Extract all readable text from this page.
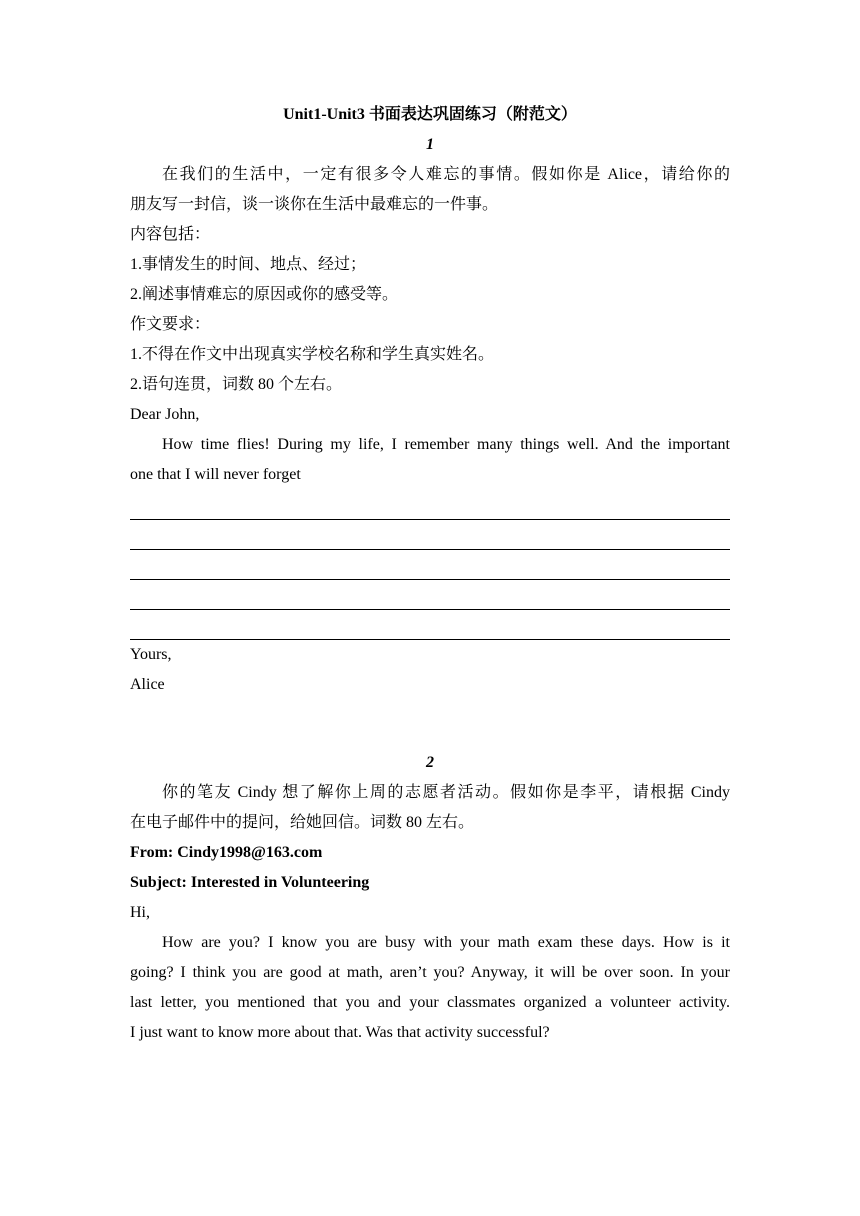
Unit1-Unit3 书面表达巩固练习（附范文）
1
在我们的生活中，一定有很多令人难忘的事情。假如你是 Alice，请给你的
朋友写一封信，谈一谈你在生活中最难忘的一件事。
内容包括：
1.事情发生的时间、地点、经过；
2.阐述事情难忘的原因或你的感受等。
作文要求：
1.不得在作文中出现真实学校名称和学生真实姓名。
2.语句连贯，词数 80 个左右。
Dear John,
How time flies! During my life, I remember many things well. And the important
one that I will never forget
Yours,
Alice
2
你的笔友 Cindy 想了解你上周的志愿者活动。假如你是李平，请根据 Cindy
在电子邮件中的提问，给她回信。词数 80 左右。
From: Cindy1998@163.com
Subject: Interested in Volunteering
Hi,
How are you? I know you are busy with your math exam these days. How is it
going? I think you are good at math, aren’t you? Anyway, it will be over soon. In your
last letter, you mentioned that you and your classmates organized a volunteer activity.
I just want to know more about that. Was that activity successful?
